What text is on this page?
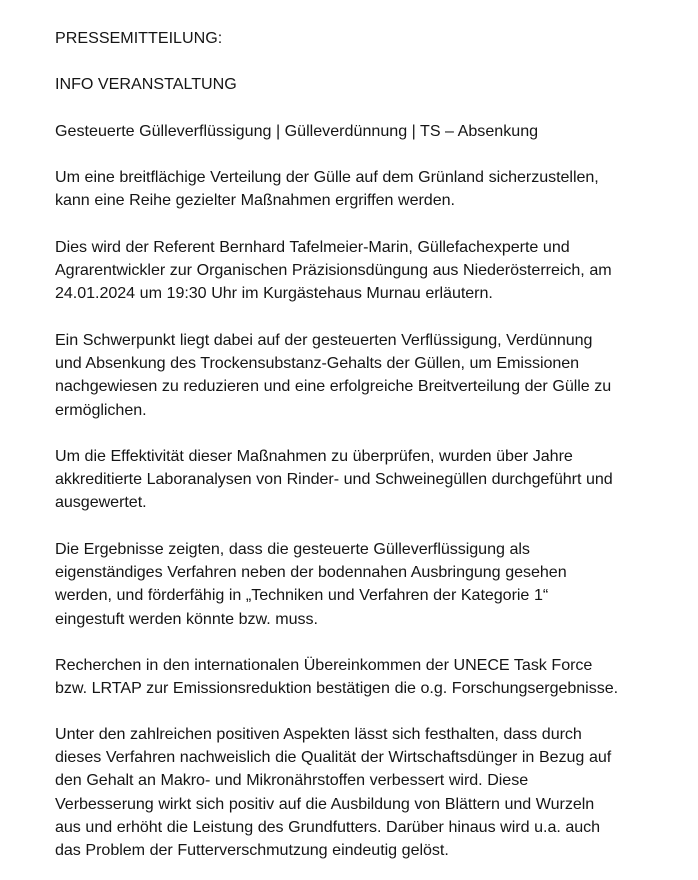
PRESSEMITTEILUNG:
INFO VERANSTALTUNG
Gesteuerte Gülleverflüssigung | Gülleverdünnung | TS – Absenkung
Um eine breitflächige Verteilung der Gülle auf dem Grünland sicherzustellen,
kann eine Reihe gezielter Maßnahmen ergriffen werden.
Dies wird der Referent Bernhard Tafelmeier-Marin, Güllefachexperte und
Agrarentwickler zur Organischen Präzisionsdüngung aus Niederösterreich, am
24.01.2024 um 19:30 Uhr im Kurgästehaus Murnau erläutern.
Ein Schwerpunkt liegt dabei auf der gesteuerten Verflüssigung, Verdünnung
und Absenkung des Trockensubstanz-Gehalts der Güllen, um Emissionen
nachgewiesen zu reduzieren und eine erfolgreiche Breitverteilung der Gülle zu
ermöglichen.
Um die Effektivität dieser Maßnahmen zu überprüfen, wurden über Jahre
akkreditierte Laboranalysen von Rinder- und Schweinegüllen durchgeführt und
ausgewertet.
Die Ergebnisse zeigten, dass die gesteuerte Gülleverflüssigung als
eigenständiges Verfahren neben der bodennahen Ausbringung gesehen
werden, und förderfähig in „Techniken und Verfahren der Kategorie 1“
eingestuft werden könnte bzw. muss.
Recherchen in den internationalen Übereinkommen der UNECE Task Force
bzw. LRTAP zur Emissionsreduktion bestätigen die o.g. Forschungsergebnisse.
Unter den zahlreichen positiven Aspekten lässt sich festhalten, dass durch
dieses Verfahren nachweislich die Qualität der Wirtschaftsdünger in Bezug auf
den Gehalt an Makro- und Mikronährstoffen verbessert wird. Diese
Verbesserung wirkt sich positiv auf die Ausbildung von Blättern und Wurzeln
aus und erhöht die Leistung des Grundfutters. Darüber hinaus wird u.a. auch
das Problem der Futterverschmutzung eindeutig gelöst.
